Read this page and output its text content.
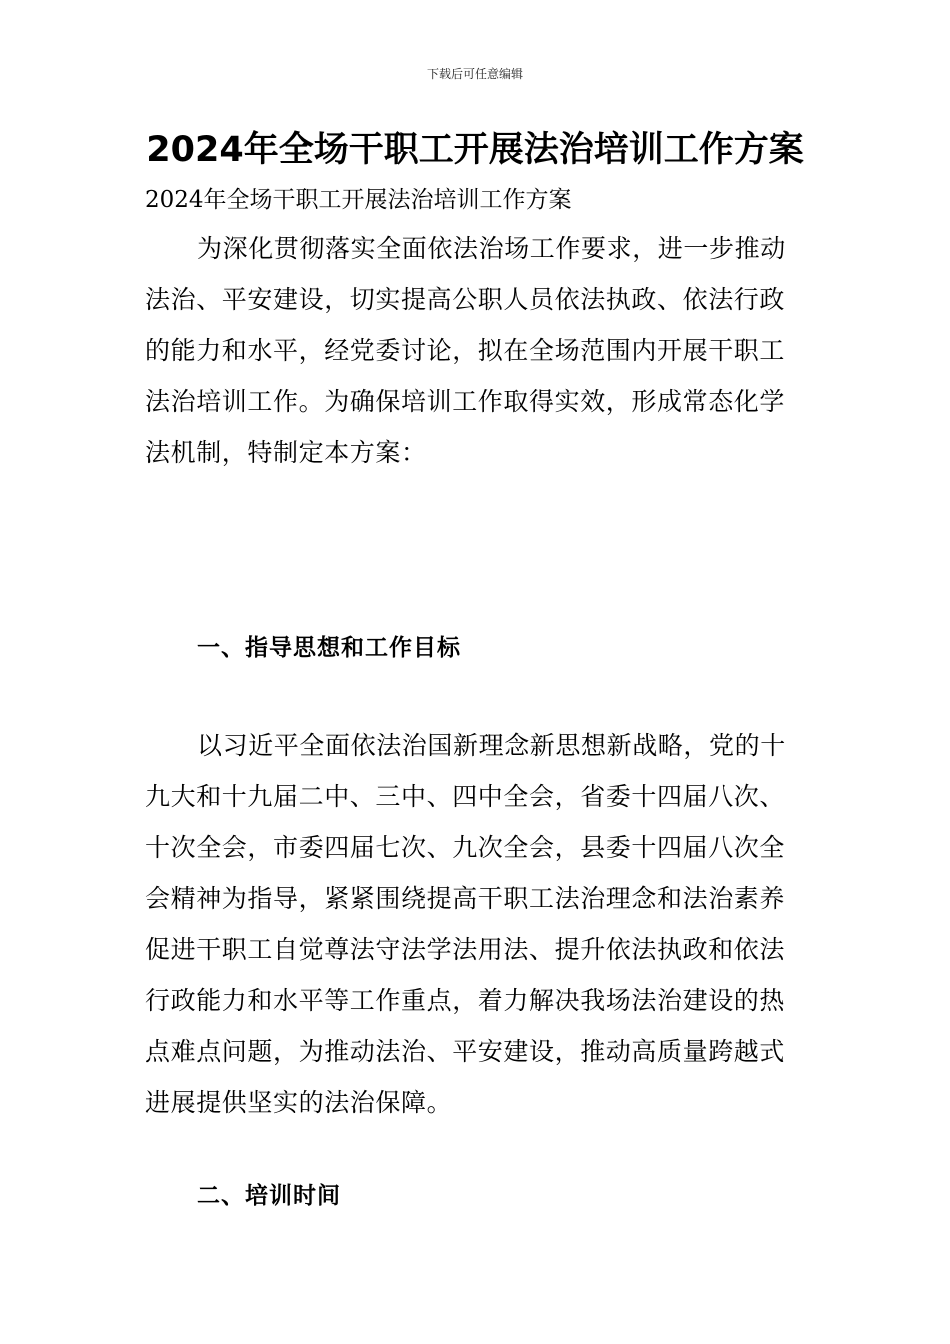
下载后可任意编辑
2024年全场干职工开展法治培训工作方案

2024年全场干职工开展法治培训工作方案

为深化贯彻落实全面依法治场工作要求，进一步推动法治、平安建设，切实提高公职人员依法执政、依法行政的能力和水平，经党委讨论，拟在全场范围内开展干职工法治培训工作。为确保培训工作取得实效，形成常态化学法机制，特制定本方案：

一、指导思想和工作目标

以习近平全面依法治国新理念新思想新战略，党的十九大和十九届二中、三中、四中全会，省委十四届八次、十次全会，市委四届七次、九次全会，县委十四届八次全会精神为指导，紧紧围绕提高干职工法治理念和法治素养促进干职工自觉尊法守法学法用法、提升依法执政和依法行政能力和水平等工作重点，着力解决我场法治建设的热点难点问题，为推动法治、平安建设，推动高质量跨越式进展提供坚实的法治保障。

二、培训时间
